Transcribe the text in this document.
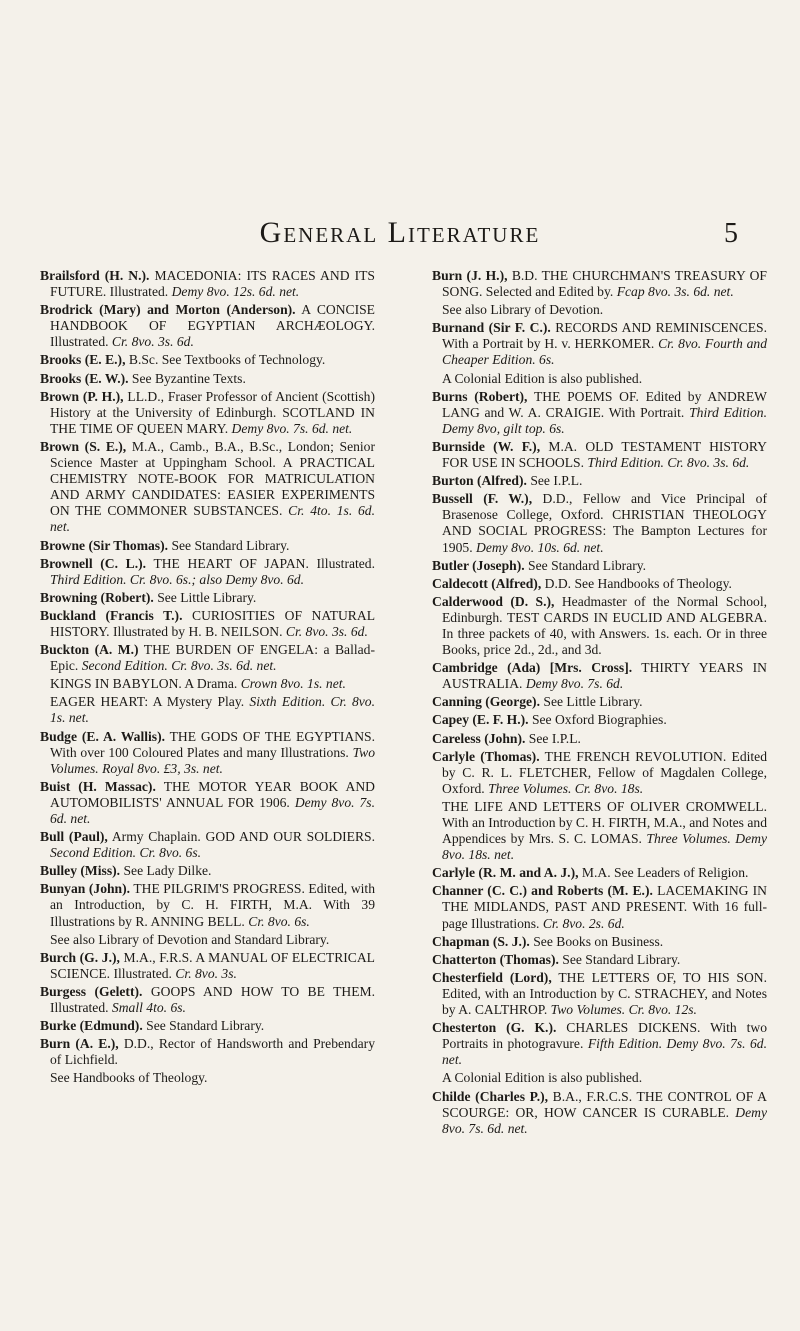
General Literature	5

Brailsford (H. N.). MACEDONIA: ITS RACES AND ITS FUTURE. Illustrated. Demy 8vo. 12s. 6d. net.

Brodrick (Mary) and Morton (Anderson). A CONCISE HANDBOOK OF EGYPTIAN ARCHÆOLOGY. Illustrated. Cr. 8vo. 3s. 6d.

Brooks (E. E.), B.Sc. See Textbooks of Technology.

Brooks (E. W.). See Byzantine Texts.

Brown (P. H.), LL.D., Fraser Professor of Ancient (Scottish) History at the University of Edinburgh. SCOTLAND IN THE TIME OF QUEEN MARY. Demy 8vo. 7s. 6d. net.

Brown (S. E.), M.A., Camb., B.A., B.Sc., London; Senior Science Master at Uppingham School. A PRACTICAL CHEMISTRY NOTE-BOOK FOR MATRICULATION AND ARMY CANDIDATES: EASIER EXPERIMENTS ON THE COMMONER SUBSTANCES. Cr. 4to. 1s. 6d. net.

Browne (Sir Thomas). See Standard Library.

Brownell (C. L.). THE HEART OF JAPAN. Illustrated. Third Edition. Cr. 8vo. 6s.; also Demy 8vo. 6d.

Browning (Robert). See Little Library.

Buckland (Francis T.). CURIOSITIES OF NATURAL HISTORY. Illustrated by H. B. NEILSON. Cr. 8vo. 3s. 6d.

Buckton (A. M.) THE BURDEN OF ENGELA: a Ballad-Epic. Second Edition. Cr. 8vo. 3s. 6d. net.

KINGS IN BABYLON. A Drama. Crown 8vo. 1s. net.

EAGER HEART: A Mystery Play. Sixth Edition. Cr. 8vo. 1s. net.

Budge (E. A. Wallis). THE GODS OF THE EGYPTIANS. With over 100 Coloured Plates and many Illustrations. Two Volumes. Royal 8vo. £3, 3s. net.

Buist (H. Massac). THE MOTOR YEAR BOOK AND AUTOMOBILISTS' ANNUAL FOR 1906. Demy 8vo. 7s. 6d. net.

Bull (Paul), Army Chaplain. GOD AND OUR SOLDIERS. Second Edition. Cr. 8vo. 6s.

Bulley (Miss). See Lady Dilke.

Bunyan (John). THE PILGRIM'S PROGRESS. Edited, with an Introduction, by C. H. FIRTH, M.A. With 39 Illustrations by R. ANNING BELL. Cr. 8vo. 6s.

See also Library of Devotion and Standard Library.

Burch (G. J.), M.A., F.R.S. A MANUAL OF ELECTRICAL SCIENCE. Illustrated. Cr. 8vo. 3s.

Burgess (Gelett). GOOPS AND HOW TO BE THEM. Illustrated. Small 4to. 6s.

Burke (Edmund). See Standard Library.

Burn (A. E.), D.D., Rector of Handsworth and Prebendary of Lichfield.

See Handbooks of Theology.

Burn (J. H.), B.D. THE CHURCHMAN'S TREASURY OF SONG. Selected and Edited by. Fcap 8vo. 3s. 6d. net.

See also Library of Devotion.

Burnand (Sir F. C.). RECORDS AND REMINISCENCES. With a Portrait by H. v. HERKOMER. Cr. 8vo. Fourth and Cheaper Edition. 6s.

A Colonial Edition is also published.

Burns (Robert), THE POEMS OF. Edited by ANDREW LANG and W. A. CRAIGIE. With Portrait. Third Edition. Demy 8vo, gilt top. 6s.

Burnside (W. F.), M.A. OLD TESTAMENT HISTORY FOR USE IN SCHOOLS. Third Edition. Cr. 8vo. 3s. 6d.

Burton (Alfred). See I.P.L.

Bussell (F. W.), D.D., Fellow and Vice Principal of Brasenose College, Oxford. CHRISTIAN THEOLOGY AND SOCIAL PROGRESS: The Bampton Lectures for 1905. Demy 8vo. 10s. 6d. net.

Butler (Joseph). See Standard Library.

Caldecott (Alfred), D.D. See Handbooks of Theology.

Calderwood (D. S.), Headmaster of the Normal School, Edinburgh. TEST CARDS IN EUCLID AND ALGEBRA. In three packets of 40, with Answers. 1s. each. Or in three Books, price 2d., 2d., and 3d.

Cambridge (Ada) [Mrs. Cross]. THIRTY YEARS IN AUSTRALIA. Demy 8vo. 7s. 6d.

Canning (George). See Little Library.

Capey (E. F. H.). See Oxford Biographies.

Careless (John). See I.P.L.

Carlyle (Thomas). THE FRENCH REVOLUTION. Edited by C. R. L. FLETCHER, Fellow of Magdalen College, Oxford. Three Volumes. Cr. 8vo. 18s.

THE LIFE AND LETTERS OF OLIVER CROMWELL. With an Introduction by C. H. FIRTH, M.A., and Notes and Appendices by Mrs. S. C. LOMAS. Three Volumes. Demy 8vo. 18s. net.

Carlyle (R. M. and A. J.), M.A. See Leaders of Religion.

Channer (C. C.) and Roberts (M. E.). LACEMAKING IN THE MIDLANDS, PAST AND PRESENT. With 16 full-page Illustrations. Cr. 8vo. 2s. 6d.

Chapman (S. J.). See Books on Business.

Chatterton (Thomas). See Standard Library.

Chesterfield (Lord), THE LETTERS OF, TO HIS SON. Edited, with an Introduction by C. STRACHEY, and Notes by A. CALTHROP. Two Volumes. Cr. 8vo. 12s.

Chesterton (G. K.). CHARLES DICKENS. With two Portraits in photogravure. Fifth Edition. Demy 8vo. 7s. 6d. net.

A Colonial Edition is also published.

Childe (Charles P.), B.A., F.R.C.S. THE CONTROL OF A SCOURGE: OR, HOW CANCER IS CURABLE. Demy 8vo. 7s. 6d. net.
